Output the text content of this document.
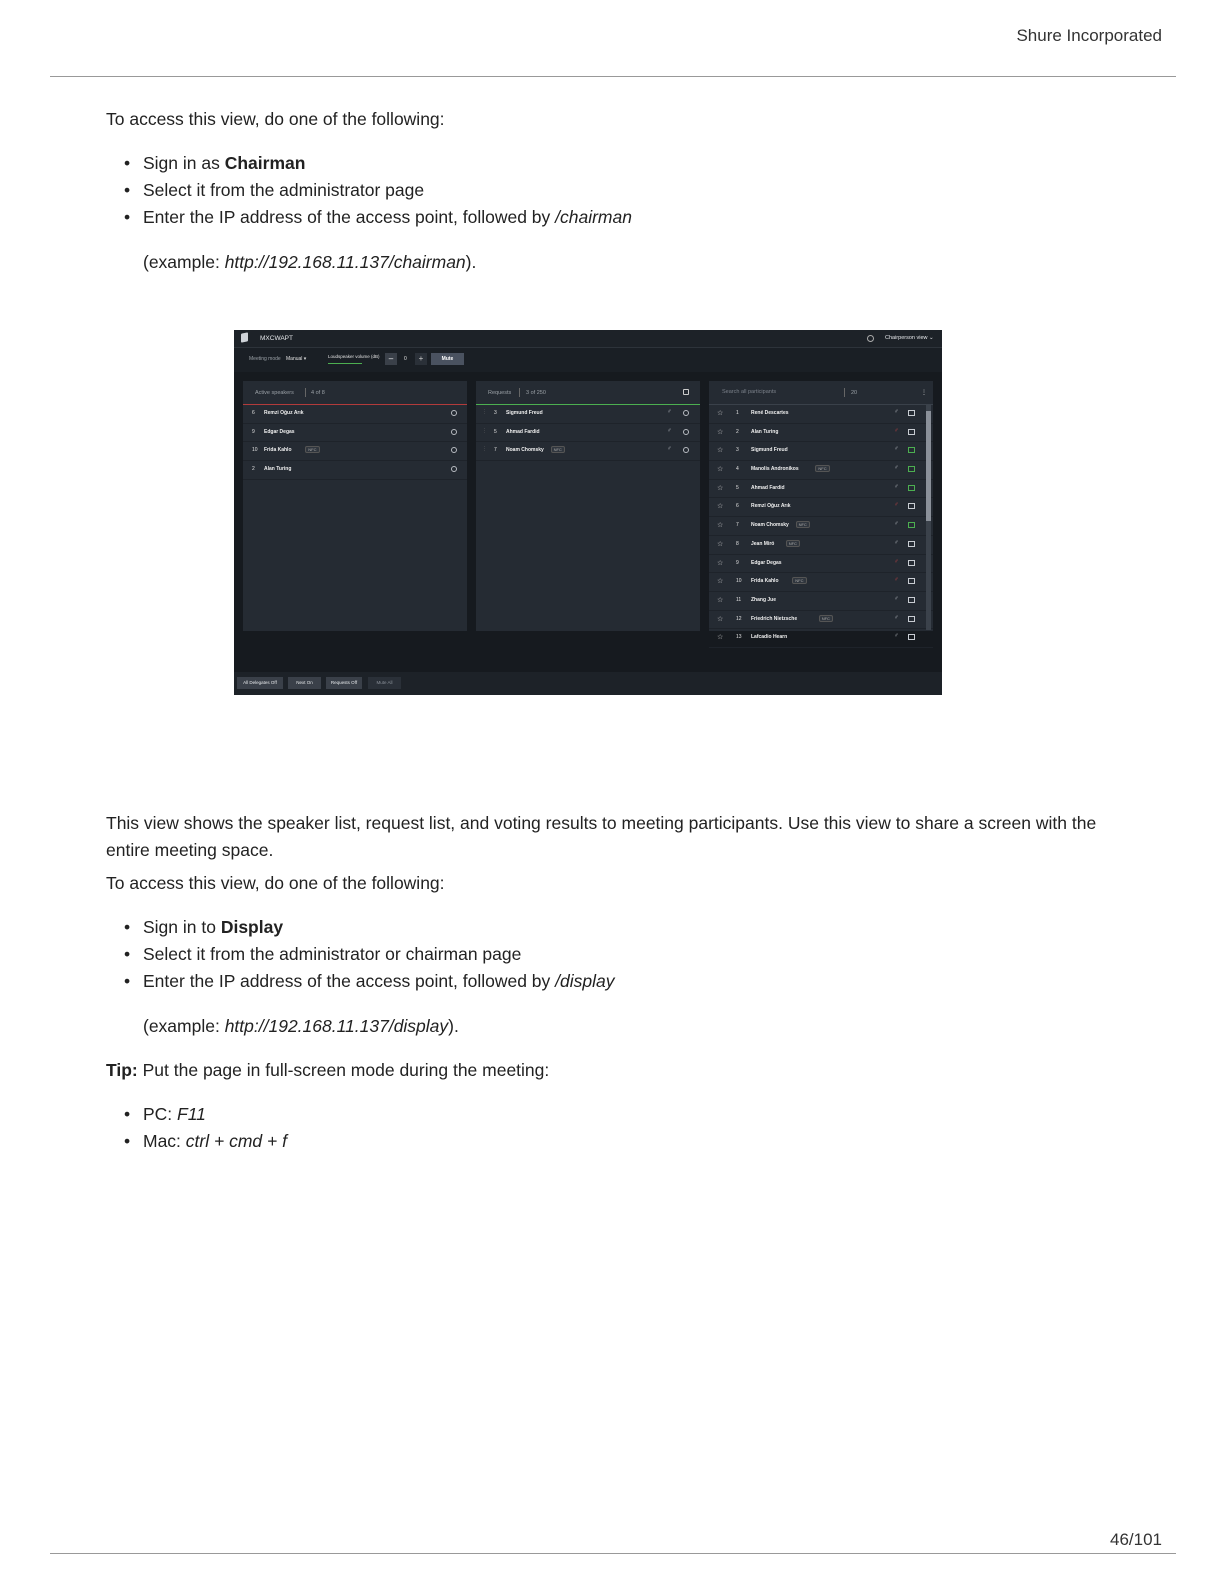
Shure Incorporated
To access this view, do one of the following:
• Sign in as Chairman
• Select it from the administrator page
• Enter the IP address of the access point, followed by /chairman
(example: http://192.168.11.137/chairman).
MXCWAPT	Chairperson view ⌄
Meeting mode Manual ▾	Loudspeaker volume (dB)	–	0	+	Mute
Active speakers	4 of 8
6 Remzi Oğuz Arık
9 Edgar Degas
10 Frida Kahlo	NFC
2 Alan Turing
Requests	3 of 250
⋮ 3 Sigmund Freud	♂
⋮ 5 Ahmad Fardid	♂
⋮ 7 Noam Chomsky	NFC	♂
Search all participants	20	⋮
☆	1 René Descartes	♂
☆	2 Alan Turing	♂
☆	3 Sigmund Freud	♂
☆	4 Manolis Andronikos	NFC	♂
☆	5 Ahmad Fardid	♂
☆	6 Remzi Oğuz Arık	♂
☆	7 Noam Chomsky	NFC	♂
☆	8 Jean Miró	NFC	♂
☆	9 Edgar Degas	♂
☆	10 Frida Kahlo	NFC	♂
☆	11 Zhang Jue	♂
☆	12 Friedrich Nietzsche	NFC	♂
☆	13 Lafcadio Hearn	♂
All Delegates Off	Next On	Requests Off	Mute All
This view shows the speaker list, request list, and voting results to meeting participants. Use this view to share a screen with the entire meeting space.
To access this view, do one of the following:
• Sign in to Display
• Select it from the administrator or chairman page
• Enter the IP address of the access point, followed by /display
(example: http://192.168.11.137/display).
Tip: Put the page in full-screen mode during the meeting:
• PC: F11
• Mac: ctrl + cmd + f
46/101
